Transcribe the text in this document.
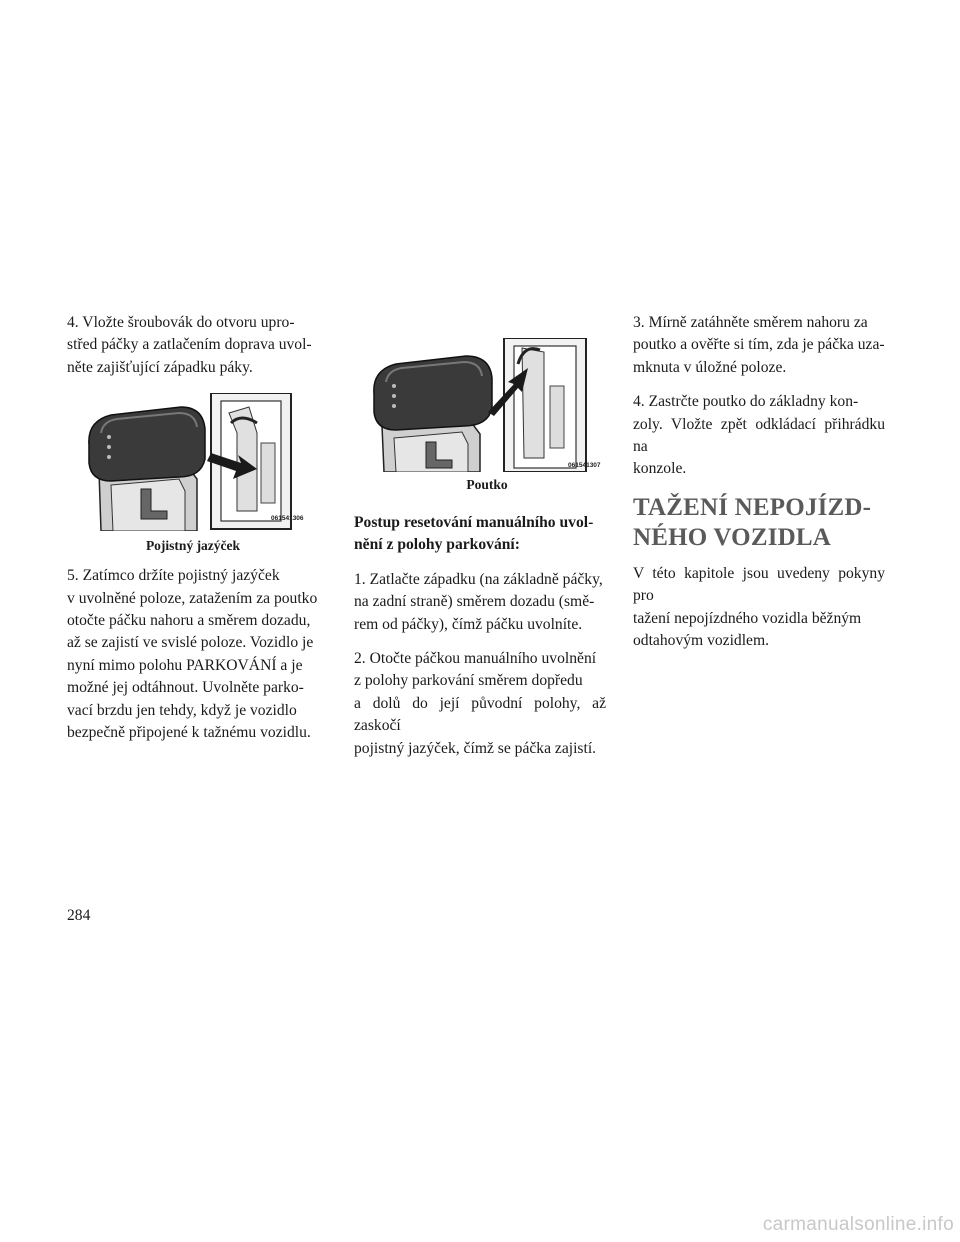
4. Vložte šroubovák do otvoru upro-
střed páčky a zatlačením doprava uvol-
něte zajišťující západku páky.

061541306
Pojistný jazýček

5. Zatímco držíte pojistný jazýček
v uvolněné poloze, zatažením za poutko
otočte páčku nahoru a směrem dozadu,
až se zajistí ve svislé poloze. Vozidlo je
nyní mimo polohu PARKOVÁNÍ a je
možné jej odtáhnout. Uvolněte parko-
vací brzdu jen tehdy, když je vozidlo
bezpečně připojené k tažnému vozidlu.

061541307
Poutko

Postup resetování manuálního uvol-
nění z polohy parkování:

1. Zatlačte západku (na základně páčky,
na zadní straně) směrem dozadu (smě-
rem od páčky), čímž páčku uvolníte.

2. Otočte páčkou manuálního uvolnění
z polohy parkování směrem dopředu
a dolů do její původní polohy, až zaskočí
pojistný jazýček, čímž se páčka zajistí.

3. Mírně zatáhněte směrem nahoru za
poutko a ověřte si tím, zda je páčka uza-
mknuta v úložné poloze.

4. Zastrčte poutko do základny kon-
zoly. Vložte zpět odkládací přihrádku na
konzole.

TAŽENÍ NEPOJÍZD-
NÉHO VOZIDLA

V této kapitole jsou uvedeny pokyny pro
tažení nepojízdného vozidla běžným
odtahovým vozidlem.

284
carmanualsonline.info
